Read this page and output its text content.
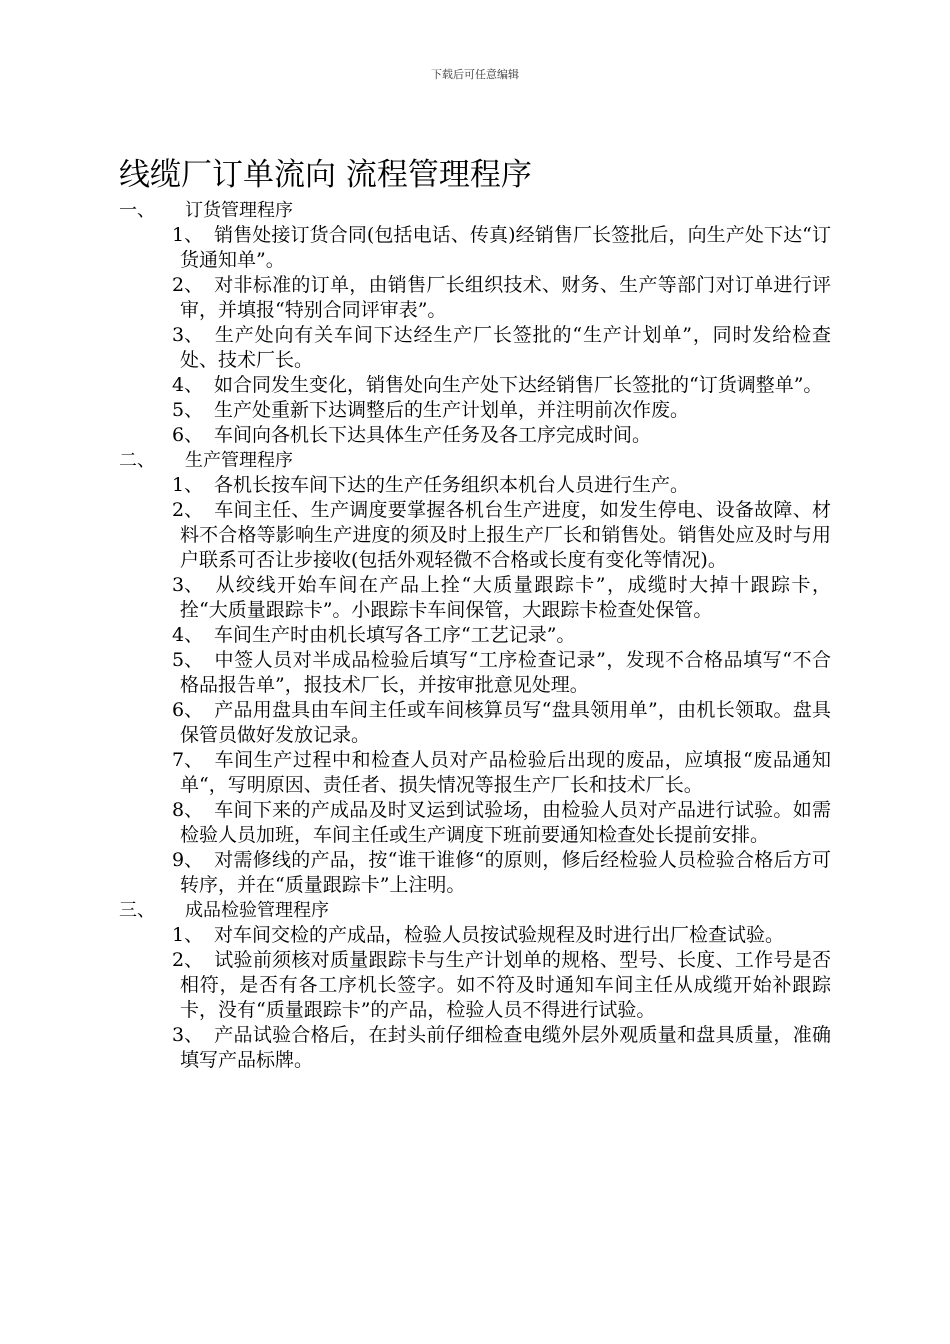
下载后可任意编辑
线缆厂订单流向 流程管理程序
一、 订货管理程序
1、 销售处接订货合同(包括电话、传真)经销售厂长签批后，向生产处下达“订货通知单”。
2、 对非标准的订单，由销售厂长组织技术、财务、生产等部门对订单进行评审，并填报“特别合同评审表”。
3、 生产处向有关车间下达经生产厂长签批的“生产计划单”，同时发给检查处、技术厂长。
4、 如合同发生变化，销售处向生产处下达经销售厂长签批的“订货调整单”。
5、 生产处重新下达调整后的生产计划单，并注明前次作废。
6、 车间向各机长下达具体生产任务及各工序完成时间。
二、 生产管理程序
1、 各机长按车间下达的生产任务组织本机台人员进行生产。
2、 车间主任、生产调度要掌握各机台生产进度，如发生停电、设备故障、材料不合格等影响生产进度的须及时上报生产厂长和销售处。销售处应及时与用户联系可否让步接收(包括外观轻微不合格或长度有变化等情况)。
3、 从绞线开始车间在产品上拴“大质量跟踪卡”，成缆时大掉十跟踪卡，拴“大质量跟踪卡”。小跟踪卡车间保管，大跟踪卡检查处保管。
4、 车间生产时由机长填写各工序“工艺记录”。
5、 中签人员对半成品检验后填写“工序检查记录”，发现不合格品填写“不合格品报告单”，报技术厂长，并按审批意见处理。
6、 产品用盘具由车间主任或车间核算员写“盘具领用单”，由机长领取。盘具保管员做好发放记录。
7、 车间生产过程中和检查人员对产品检验后出现的废品，应填报“废品通知单“，写明原因、责任者、损失情况等报生产厂长和技术厂长。
8、 车间下来的产成品及时叉运到试验场，由检验人员对产品进行试验。如需检验人员加班，车间主任或生产调度下班前要通知检查处长提前安排。
9、 对需修线的产品，按“谁干谁修“的原则，修后经检验人员检验合格后方可转序，并在“质量跟踪卡”上注明。
三、 成品检验管理程序
1、 对车间交检的产成品，检验人员按试验规程及时进行出厂检查试验。
2、 试验前须核对质量跟踪卡与生产计划单的规格、型号、长度、工作号是否相符，是否有各工序机长签字。如不符及时通知车间主任从成缆开始补跟踪卡，没有“质量跟踪卡”的产品，检验人员不得进行试验。
3、 产品试验合格后，在封头前仔细检查电缆外层外观质量和盘具质量，准确填写产品标牌。
